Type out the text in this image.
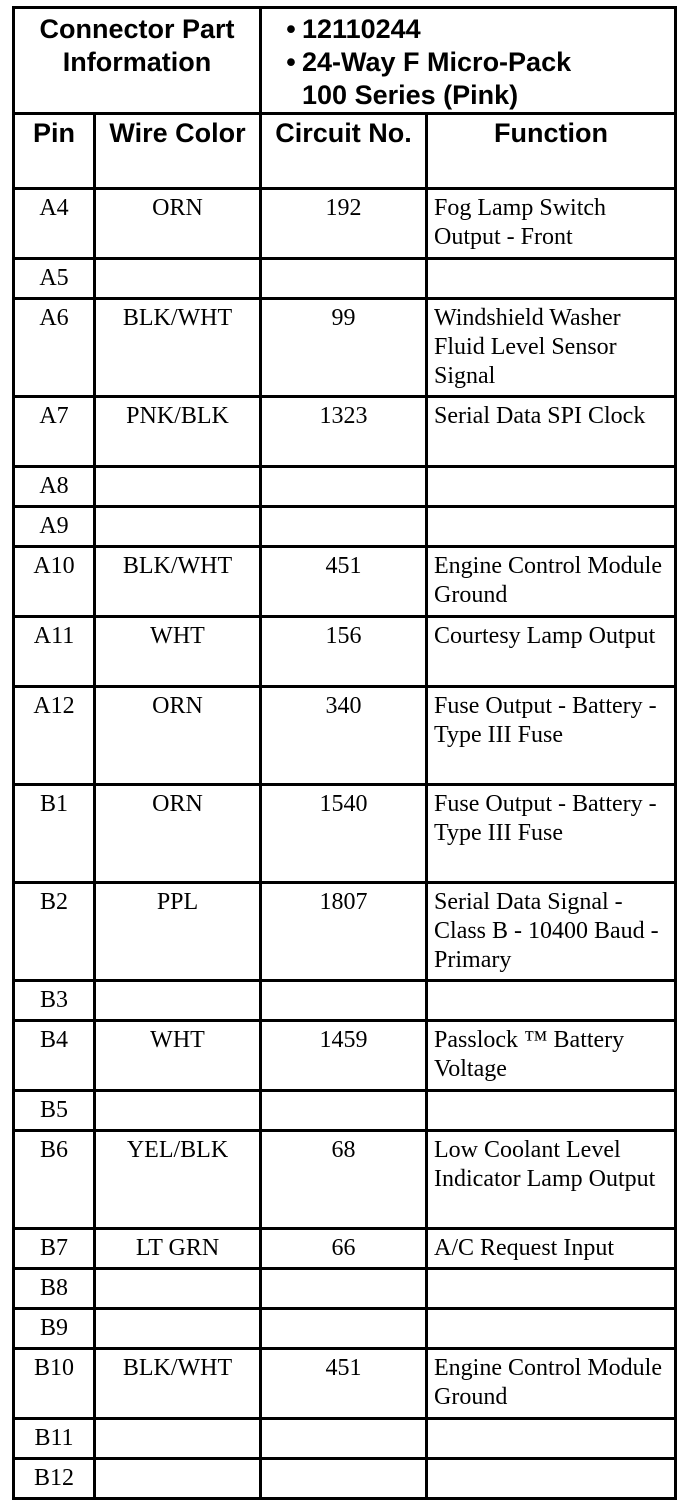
Connector Part Information		• 12110244
• 24-Way F Micro-Pack
100 Series (Pink)	

Pin	Wire Color	Circuit No.	Function
A4	ORN	192	Fog Lamp Switch Output - Front
A5			
A6	BLK/WHT	99	Windshield Washer Fluid Level Sensor Signal
A7	PNK/BLK	1323	Serial Data SPI Clock
A8			
A9			
A10	BLK/WHT	451	Engine Control Module Ground
A11	WHT	156	Courtesy Lamp Output
A12	ORN	340	Fuse Output - Battery - Type III Fuse
B1	ORN	1540	Fuse Output - Battery - Type III Fuse
B2	PPL	1807	Serial Data Signal - Class B - 10400 Baud - Primary
B3			
B4	WHT	1459	Passlock ™ Battery Voltage
B5			
B6	YEL/BLK	68	Low Coolant Level Indicator Lamp Output
B7	LT GRN	66	A/C Request Input
B8			
B9			
B10	BLK/WHT	451	Engine Control Module Ground
B11			
B12			
